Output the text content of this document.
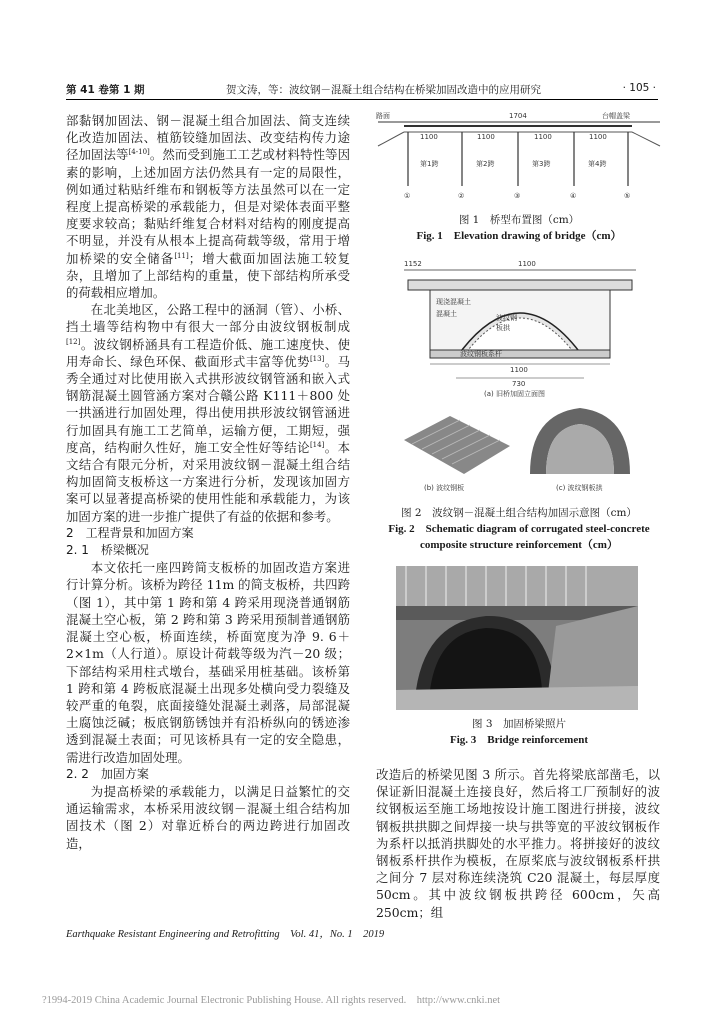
第 41 卷第 1 期	贺文涛，等：波纹钢－混凝土组合结构在桥梁加固改造中的应用研究	· 105 ·

部黏钢加固法、钢－混凝土组合加固法、简支连续化改造加固法、植筋铰缝加固法、改变结构传力途径加固法等[4-10]。然而受到施工工艺或材料特性等因素的影响，上述加固方法仍然具有一定的局限性，例如通过粘贴纤维布和钢板等方法虽然可以在一定程度上提高桥梁的承载能力，但是对梁体表面平整度要求较高；黏贴纤维复合材料对结构的刚度提高不明显，并没有从根本上提高荷载等级，常用于增加桥梁的安全储备[11]；增大截面加固法施工较复杂，且增加了上部结构的重量，使下部结构所承受的荷载相应增加。

在北美地区，公路工程中的涵洞（管）、小桥、挡土墙等结构物中有很大一部分由波纹钢板制成[12]。波纹钢桥涵具有工程造价低、施工速度快、使用寿命长、绿色环保、截面形式丰富等优势[13]。马秀全通过对比使用嵌入式拱形波纹钢管涵和嵌入式钢筋混凝土圆管涵方案对合赣公路 K111＋800 处一拱涵进行加固处理，得出使用拱形波纹钢管涵进行加固具有施工工艺简单，运输方便，工期短，强度高，结构耐久性好，施工安全性好等结论[14]。本文结合有限元分析，对采用波纹钢－混凝土组合结构加固简支板桥这一方案进行分析，发现该加固方案可以显著提高桥梁的使用性能和承载能力，为该加固方案的进一步推广提供了有益的依据和参考。

2　工程背景和加固方案

2. 1　桥梁概况

本文依托一座四跨简支板桥的加固改造方案进行计算分析。该桥为跨径 11m 的简支板桥，共四跨（图 1），其中第 1 跨和第 4 跨采用现浇普通钢筋混凝土空心板，第 2 跨和第 3 跨采用预制普通钢筋混凝土空心板，桥面连续，桥面宽度为净 9. 6＋2×1m（人行道）。原设计荷载等级为汽－20 级；下部结构采用柱式墩台，基础采用桩基础。该桥第 1 跨和第 4 跨板底混凝土出现多处横向受力裂缝及较严重的龟裂，底面接缝处混凝土剥落，局部混凝土腐蚀泛碱；板底钢筋锈蚀并有沿桥纵向的锈迹渗透到混凝土表面；可见该桥具有一定的安全隐患，需进行改造加固处理。

2. 2　加固方案

为提高桥梁的承载能力，以满足日益繁忙的交通运输需求，本桥采用波纹钢－混凝土组合结构加固技术（图 2）对靠近桥台的两边跨进行加固改造，

路面	1704	台帽盖梁
1100	1100	1100	1100
第1跨	第2跨	第3跨	第4跨
①	②	③	④	⑤
图 1　桥型布置图（cm）
Fig. 1　Elevation drawing of bridge（cm）
1152	1100
现浇混凝土
波纹钢
板拱
混凝土
波纹钢板系杆
1100
730
(a) 旧桥加固立面图
(b) 波纹钢板	(c) 波纹钢板拱
图 2　波纹钢－混凝土组合结构加固示意图（cm）
Fig. 2　Schematic diagram of corrugated steel-concrete
composite structure reinforcement（cm）
图 3　加固桥梁照片
Fig. 3　Bridge reinforcement

改造后的桥梁见图 3 所示。首先将梁底部凿毛，以保证新旧混凝土连接良好，然后将工厂预制好的波纹钢板运至施工场地按设计施工图进行拼接，波纹钢板拱拱脚之间焊接一块与拱等宽的平波纹钢板作为系杆以抵消拱脚处的水平推力。将拼接好的波纹钢板系杆拱作为模板，在原桨底与波纹钢板系杆拱之间分 7 层对称连续浇筑 C20 混凝土，每层厚度 50cm。其中波纹钢板拱跨径 600cm，矢高 250cm；组

Earthquake Resistant Engineering and Retrofitting　Vol. 41，No. 1　2019
?1994-2019 China Academic Journal Electronic Publishing House. All rights reserved.　http://www.cnki.net
